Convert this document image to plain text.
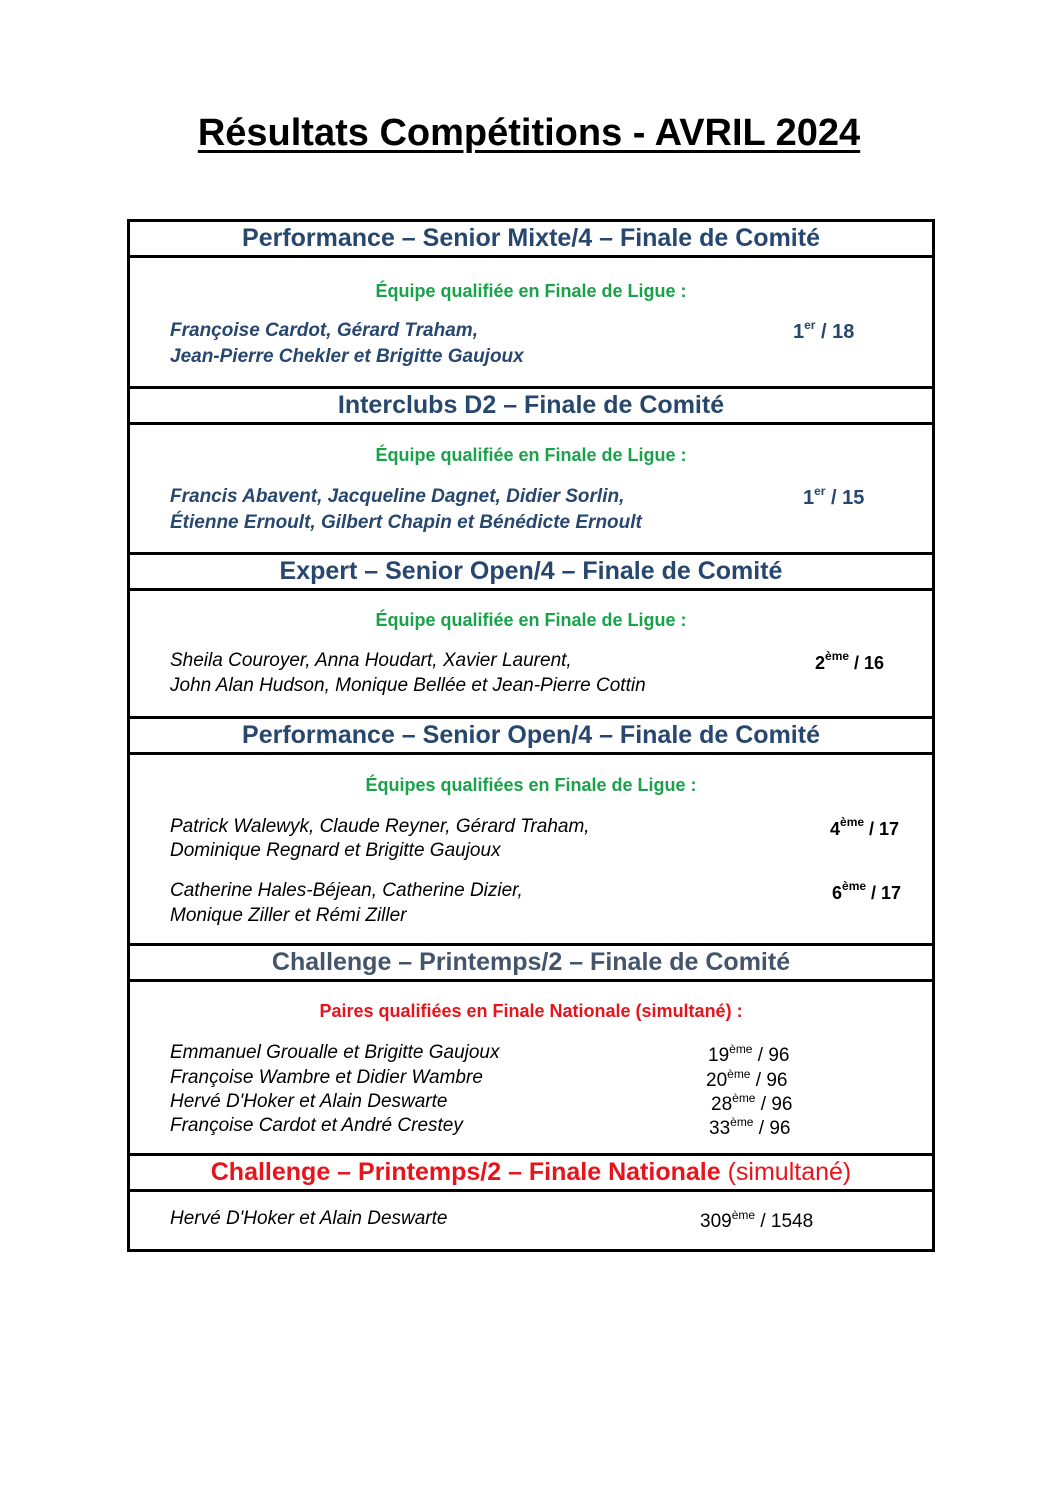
Résultats Compétitions - AVRIL 2024
Performance – Senior Mixte/4 – Finale de Comité
Équipe qualifiée en Finale de Ligue :
Françoise Cardot, Gérard Traham,
Jean-Pierre Chekler et Brigitte Gaujoux
1er / 18
Interclubs D2 – Finale de Comité
Équipe qualifiée en Finale de Ligue :
Francis Abavent, Jacqueline Dagnet, Didier Sorlin,
Étienne Ernoult, Gilbert Chapin et Bénédicte Ernoult
1er / 15
Expert – Senior Open/4 – Finale de Comité
Équipe qualifiée en Finale de Ligue :
Sheila Couroyer, Anna Houdart, Xavier Laurent,
John Alan Hudson, Monique Bellée et Jean-Pierre Cottin
2ème / 16
Performance – Senior Open/4 – Finale de Comité
Équipes qualifiées en Finale de Ligue :
Patrick Walewyk, Claude Reyner, Gérard Traham,
Dominique Regnard et Brigitte Gaujoux
4ème / 17
Catherine Hales-Béjean, Catherine Dizier,
Monique Ziller et Rémi Ziller
6ème / 17
Challenge – Printemps/2 – Finale de Comité
Paires qualifiées en Finale Nationale (simultané) :
Emmanuel Groualle et Brigitte Gaujoux	19ème / 96
Françoise Wambre et Didier Wambre	20ème / 96
Hervé D'Hoker et Alain Deswarte	28ème / 96
Françoise Cardot et André Crestey	33ème / 96
Challenge – Printemps/2 – Finale Nationale (simultané)
Hervé D'Hoker et Alain Deswarte	309ème / 1548
